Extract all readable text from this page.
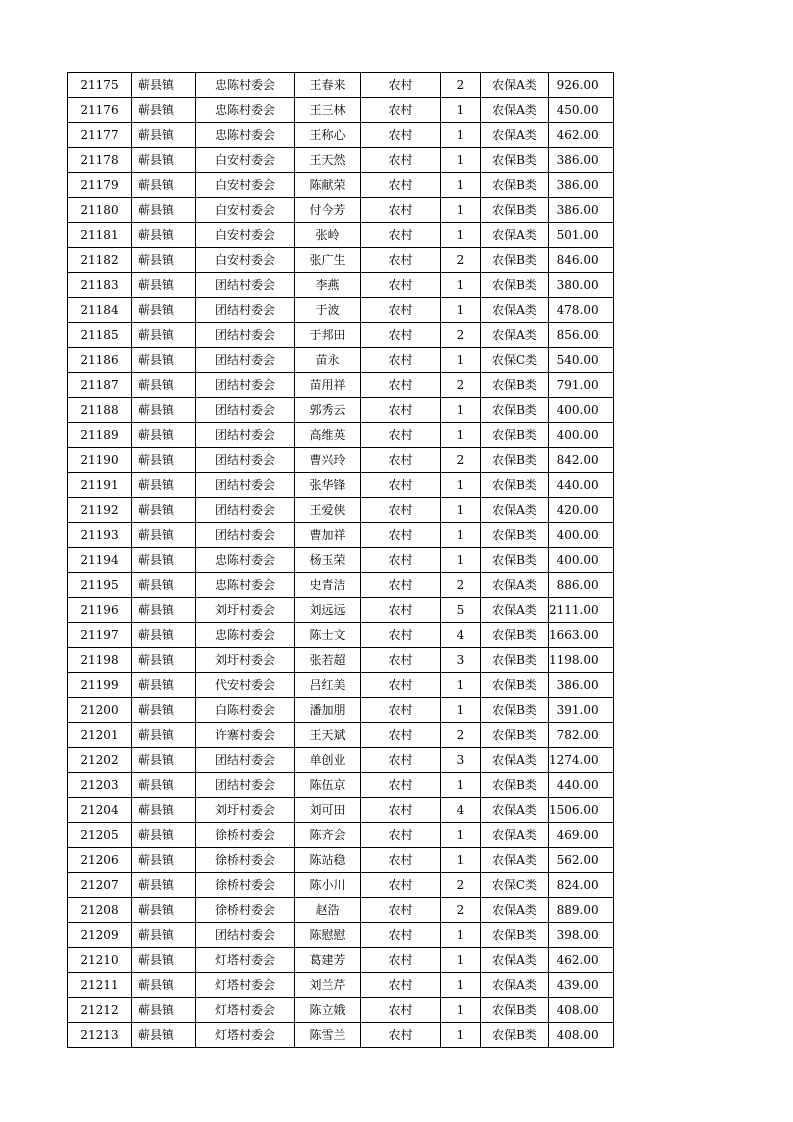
21175	蕲县镇	忠陈村委会	王春来	农村	2	农保A类	926.00
21176	蕲县镇	忠陈村委会	王三林	农村	1	农保A类	450.00
21177	蕲县镇	忠陈村委会	王称心	农村	1	农保A类	462.00
21178	蕲县镇	白安村委会	王天然	农村	1	农保B类	386.00
21179	蕲县镇	白安村委会	陈献荣	农村	1	农保B类	386.00
21180	蕲县镇	白安村委会	付今芳	农村	1	农保B类	386.00
21181	蕲县镇	白安村委会	张岭	农村	1	农保A类	501.00
21182	蕲县镇	白安村委会	张广生	农村	2	农保B类	846.00
21183	蕲县镇	团结村委会	李燕	农村	1	农保B类	380.00
21184	蕲县镇	团结村委会	于波	农村	1	农保A类	478.00
21185	蕲县镇	团结村委会	于邦田	农村	2	农保A类	856.00
21186	蕲县镇	团结村委会	苗永	农村	1	农保C类	540.00
21187	蕲县镇	团结村委会	苗用祥	农村	2	农保B类	791.00
21188	蕲县镇	团结村委会	郭秀云	农村	1	农保B类	400.00
21189	蕲县镇	团结村委会	高维英	农村	1	农保B类	400.00
21190	蕲县镇	团结村委会	曹兴玲	农村	2	农保B类	842.00
21191	蕲县镇	团结村委会	张华锋	农村	1	农保B类	440.00
21192	蕲县镇	团结村委会	王爱侠	农村	1	农保A类	420.00
21193	蕲县镇	团结村委会	曹加祥	农村	1	农保B类	400.00
21194	蕲县镇	忠陈村委会	杨玉荣	农村	1	农保B类	400.00
21195	蕲县镇	忠陈村委会	史青洁	农村	2	农保A类	886.00
21196	蕲县镇	刘圩村委会	刘远远	农村	5	农保A类	2111.00
21197	蕲县镇	忠陈村委会	陈士文	农村	4	农保B类	1663.00
21198	蕲县镇	刘圩村委会	张若超	农村	3	农保B类	1198.00
21199	蕲县镇	代安村委会	吕红美	农村	1	农保B类	386.00
21200	蕲县镇	白陈村委会	潘加朋	农村	1	农保B类	391.00
21201	蕲县镇	许寨村委会	王天斌	农村	2	农保B类	782.00
21202	蕲县镇	团结村委会	单创业	农村	3	农保A类	1274.00
21203	蕲县镇	团结村委会	陈伍京	农村	1	农保B类	440.00
21204	蕲县镇	刘圩村委会	刘可田	农村	4	农保A类	1506.00
21205	蕲县镇	徐桥村委会	陈齐会	农村	1	农保A类	469.00
21206	蕲县镇	徐桥村委会	陈站稳	农村	1	农保A类	562.00
21207	蕲县镇	徐桥村委会	陈小川	农村	2	农保C类	824.00
21208	蕲县镇	徐桥村委会	赵浩	农村	2	农保A类	889.00
21209	蕲县镇	团结村委会	陈慰慰	农村	1	农保B类	398.00
21210	蕲县镇	灯塔村委会	葛建芳	农村	1	农保A类	462.00
21211	蕲县镇	灯塔村委会	刘兰芹	农村	1	农保A类	439.00
21212	蕲县镇	灯塔村委会	陈立娥	农村	1	农保B类	408.00
21213	蕲县镇	灯塔村委会	陈雪兰	农村	1	农保B类	408.00
